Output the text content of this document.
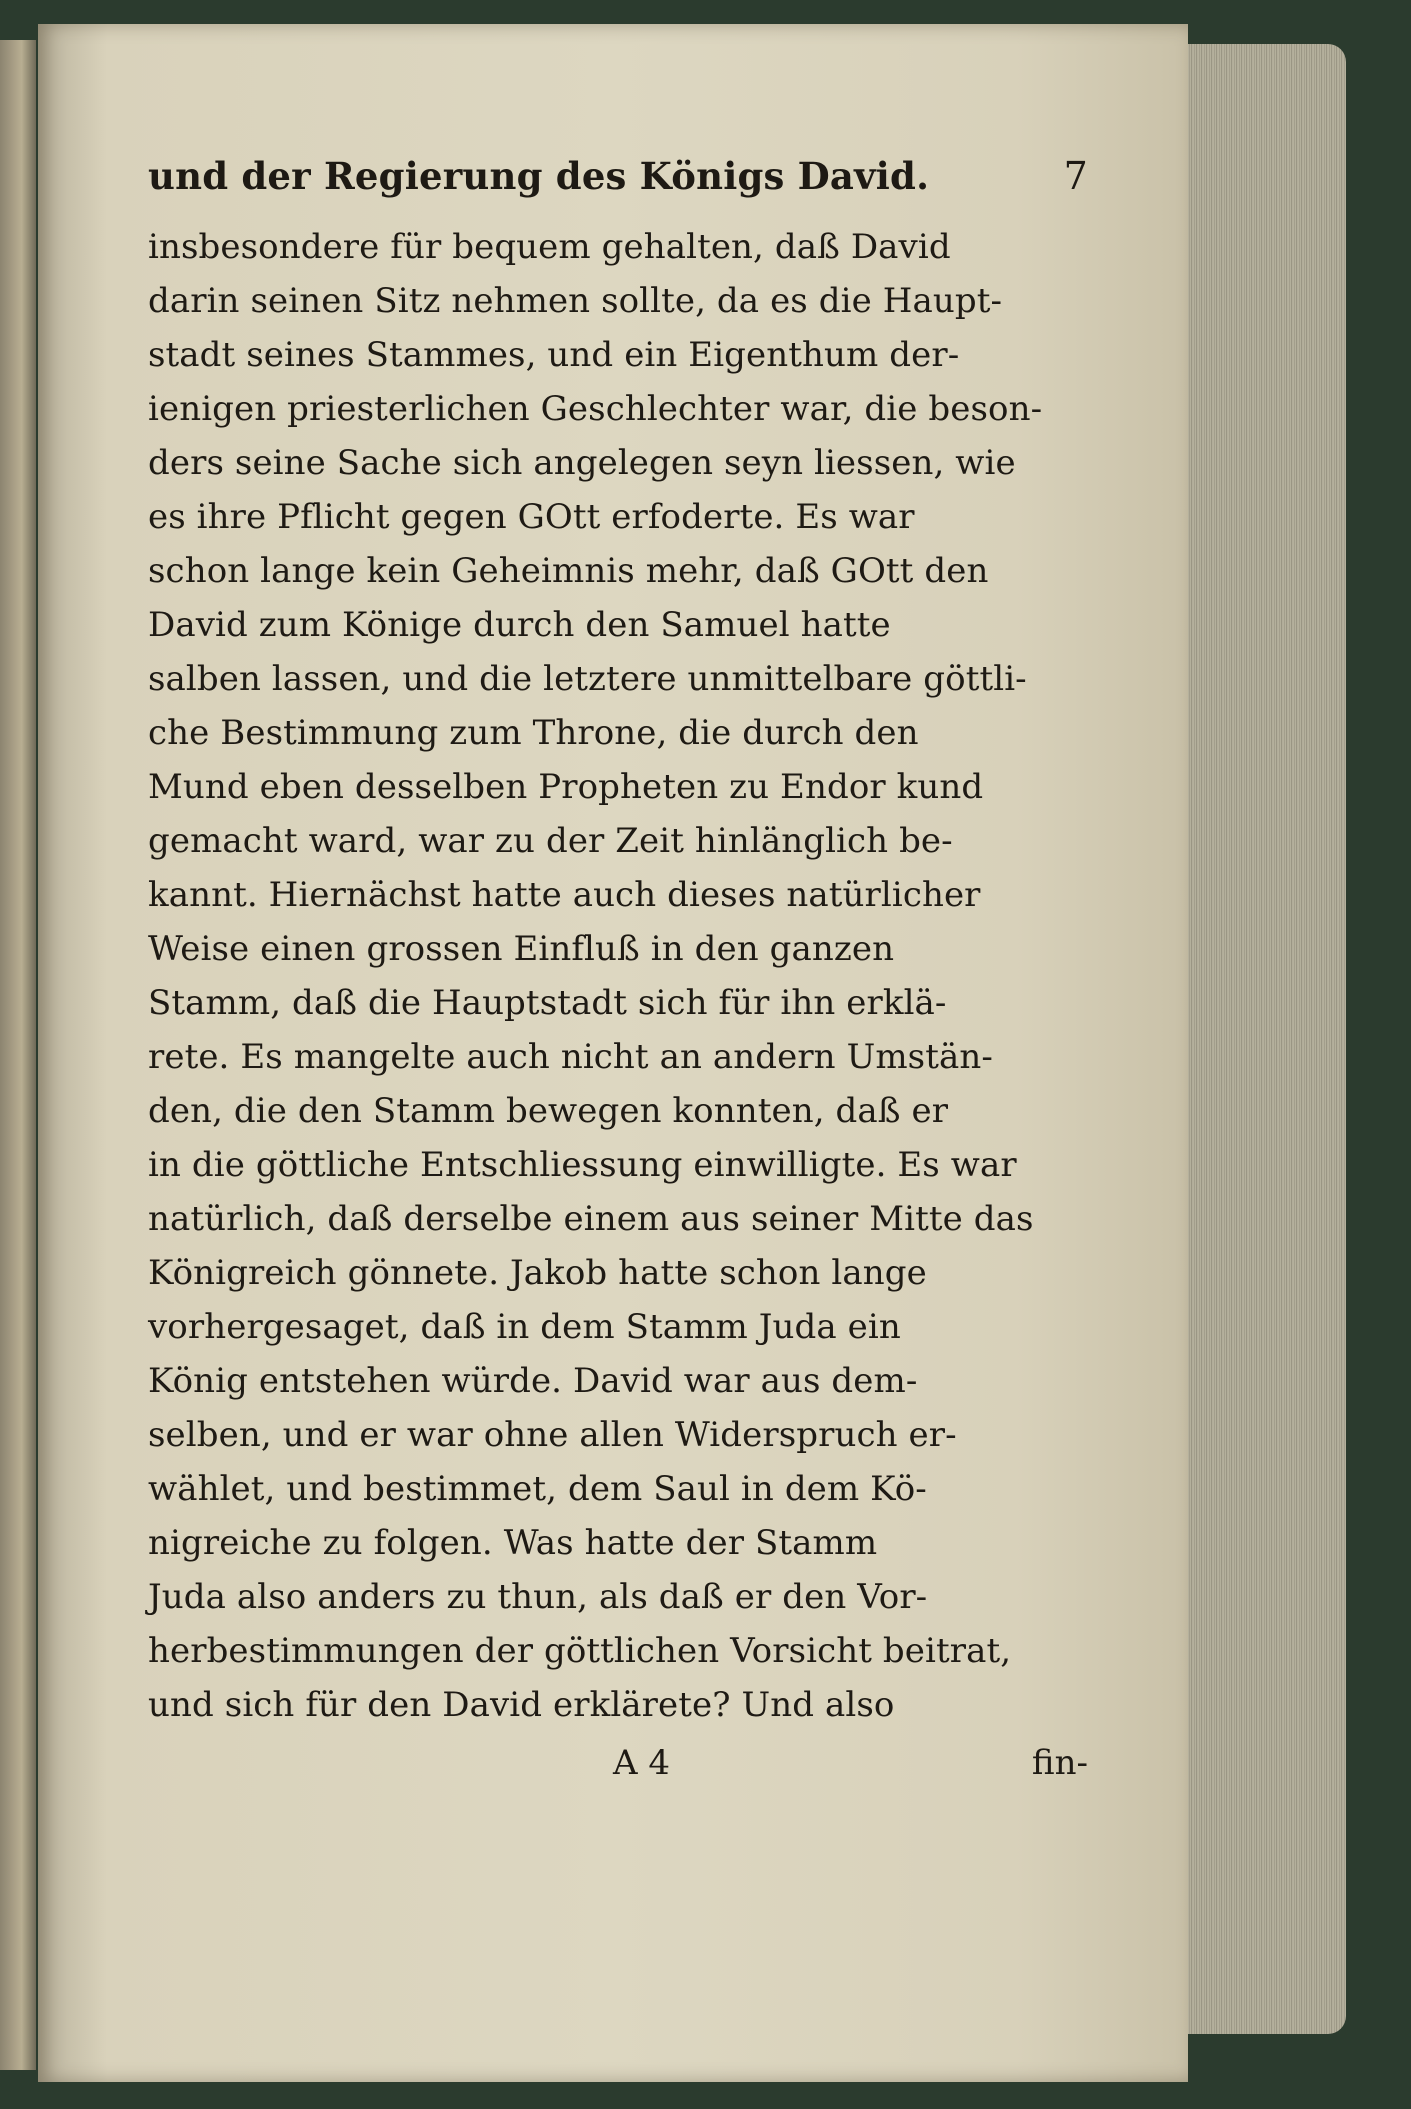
und der Regierung des Königs David.	7
insbesondere für bequem gehalten, daß David
darin seinen Sitz nehmen sollte, da es die Haupt-
stadt seines Stammes, und ein Eigenthum der-
ienigen priesterlichen Geschlechter war, die beson-
ders seine Sache sich angelegen seyn liessen, wie
es ihre Pflicht gegen GOtt erfoderte. Es war
schon lange kein Geheimnis mehr, daß GOtt den
David zum Könige durch den Samuel hatte
salben lassen, und die letztere unmittelbare göttli-
che Bestimmung zum Throne, die durch den
Mund eben desselben Propheten zu Endor kund
gemacht ward, war zu der Zeit hinlänglich be-
kannt. Hiernächst hatte auch dieses natürlicher
Weise einen grossen Einfluß in den ganzen
Stamm, daß die Hauptstadt sich für ihn erklä-
rete. Es mangelte auch nicht an andern Umstän-
den, die den Stamm bewegen konnten, daß er
in die göttliche Entschliessung einwilligte. Es war
natürlich, daß derselbe einem aus seiner Mitte das
Königreich gönnete. Jakob hatte schon lange
vorhergesaget, daß in dem Stamm Juda ein
König entstehen würde. David war aus dem-
selben, und er war ohne allen Widerspruch er-
wählet, und bestimmet, dem Saul in dem Kö-
nigreiche zu folgen. Was hatte der Stamm
Juda also anders zu thun, als daß er den Vor-
herbestimmungen der göttlichen Vorsicht beitrat,
und sich für den David erklärete? Und also
A 4	fin-
